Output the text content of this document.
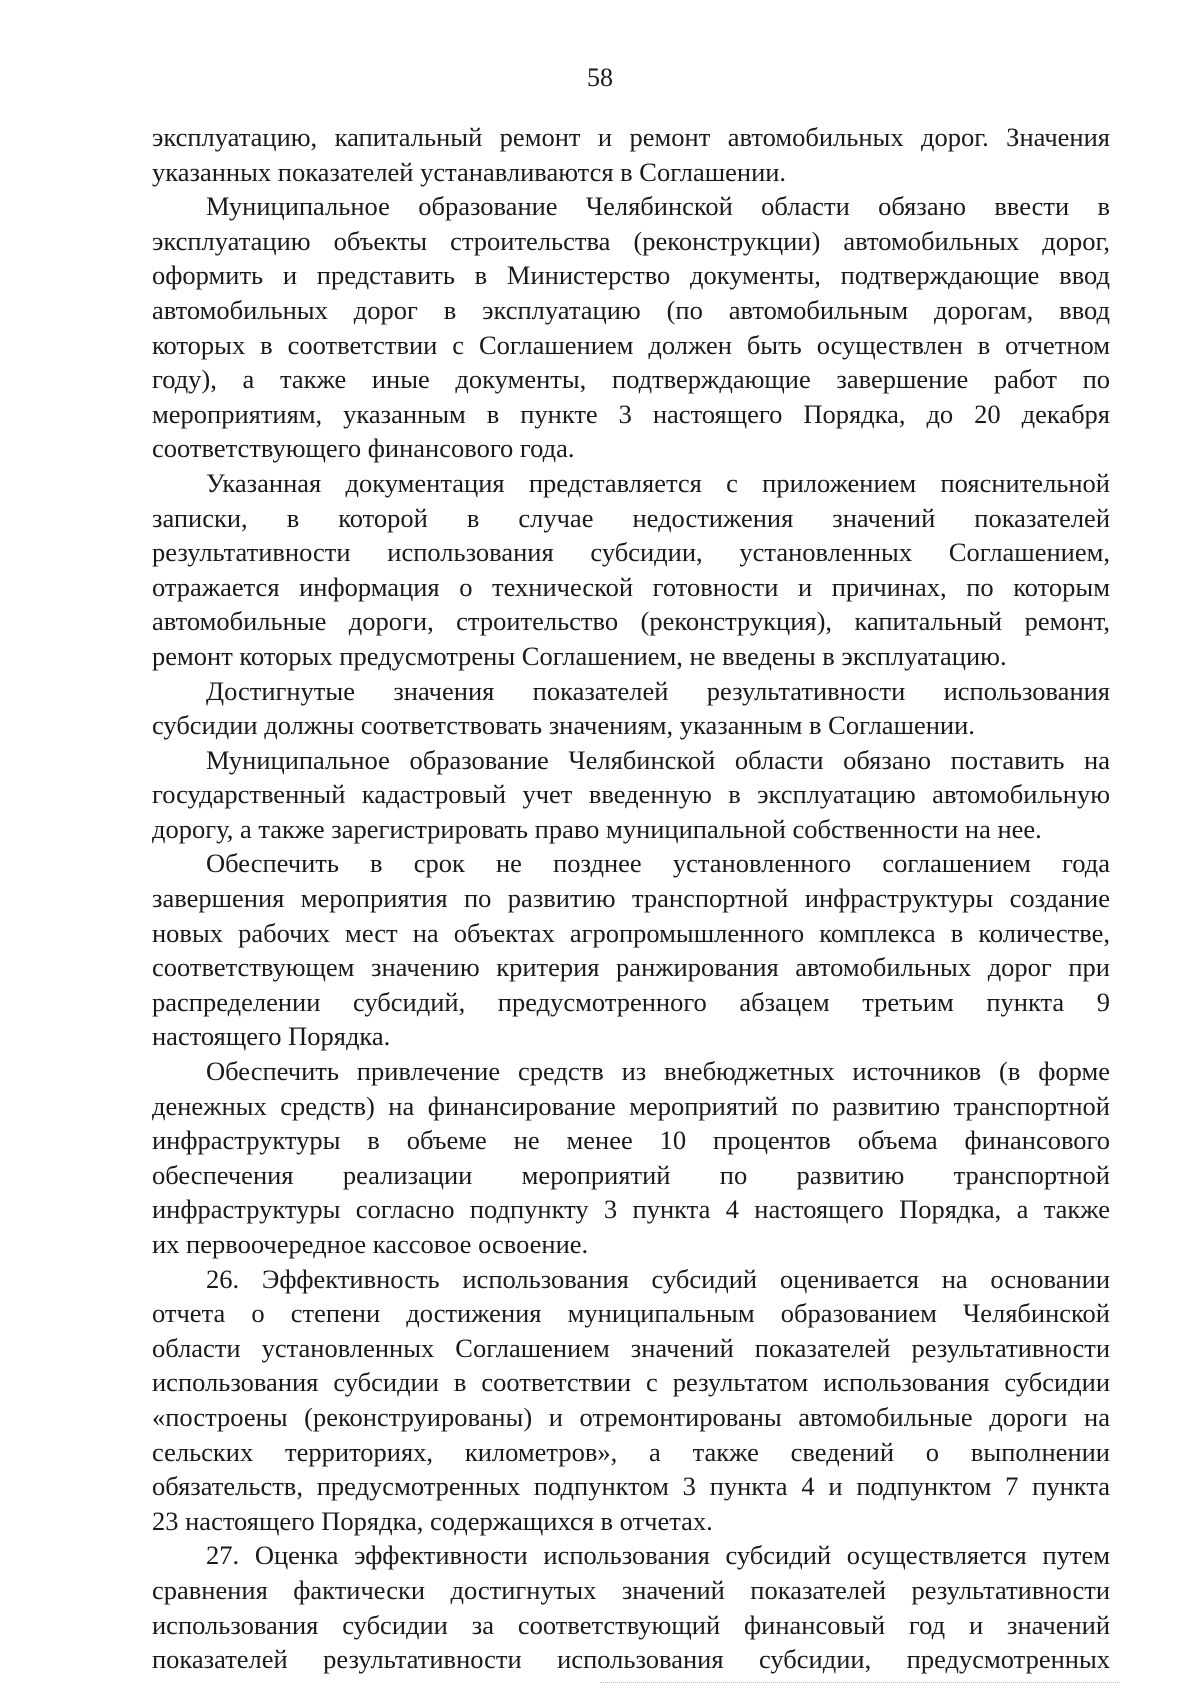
58
эксплуатацию, капитальный ремонт и ремонт автомобильных дорог. Значения
указанных показателей устанавливаются в Соглашении.
Муниципальное образование Челябинской области обязано ввести в
эксплуатацию объекты строительства (реконструкции) автомобильных дорог,
оформить и представить в Министерство документы, подтверждающие ввод
автомобильных дорог в эксплуатацию (по автомобильным дорогам, ввод
которых в соответствии с Соглашением должен быть осуществлен в отчетном
году), а также иные документы, подтверждающие завершение работ по
мероприятиям, указанным в пункте 3 настоящего Порядка, до 20 декабря
соответствующего финансового года.
Указанная документация представляется с приложением пояснительной
записки, в которой в случае недостижения значений показателей
результативности использования субсидии, установленных Соглашением,
отражается информация о технической готовности и причинах, по которым
автомобильные дороги, строительство (реконструкция), капитальный ремонт,
ремонт которых предусмотрены Соглашением, не введены в эксплуатацию.
Достигнутые значения показателей результативности использования
субсидии должны соответствовать значениям, указанным в Соглашении.
Муниципальное образование Челябинской области обязано поставить на
государственный кадастровый учет введенную в эксплуатацию автомобильную
дорогу, а также зарегистрировать право муниципальной собственности на нее.
Обеспечить в срок не позднее установленного соглашением года
завершения мероприятия по развитию транспортной инфраструктуры создание
новых рабочих мест на объектах агропромышленного комплекса в количестве,
соответствующем значению критерия ранжирования автомобильных дорог при
распределении субсидий, предусмотренного абзацем третьим пункта 9
настоящего Порядка.
Обеспечить привлечение средств из внебюджетных источников (в форме
денежных средств) на финансирование мероприятий по развитию транспортной
инфраструктуры в объеме не менее 10 процентов объема финансового
обеспечения реализации мероприятий по развитию транспортной
инфраструктуры согласно подпункту 3 пункта 4 настоящего Порядка, а также
их первоочередное кассовое освоение.
26. Эффективность использования субсидий оценивается на основании
отчета о степени достижения муниципальным образованием Челябинской
области установленных Соглашением значений показателей результативности
использования субсидии в соответствии с результатом использования субсидии
«построены (реконструированы) и отремонтированы автомобильные дороги на
сельских территориях, километров», а также сведений о выполнении
обязательств, предусмотренных подпунктом 3 пункта 4 и подпунктом 7 пункта
23 настоящего Порядка, содержащихся в отчетах.
27. Оценка эффективности использования субсидий осуществляется путем
сравнения фактически достигнутых значений показателей результативности
использования субсидии за соответствующий финансовый год и значений
показателей результативности использования субсидии, предусмотренных
